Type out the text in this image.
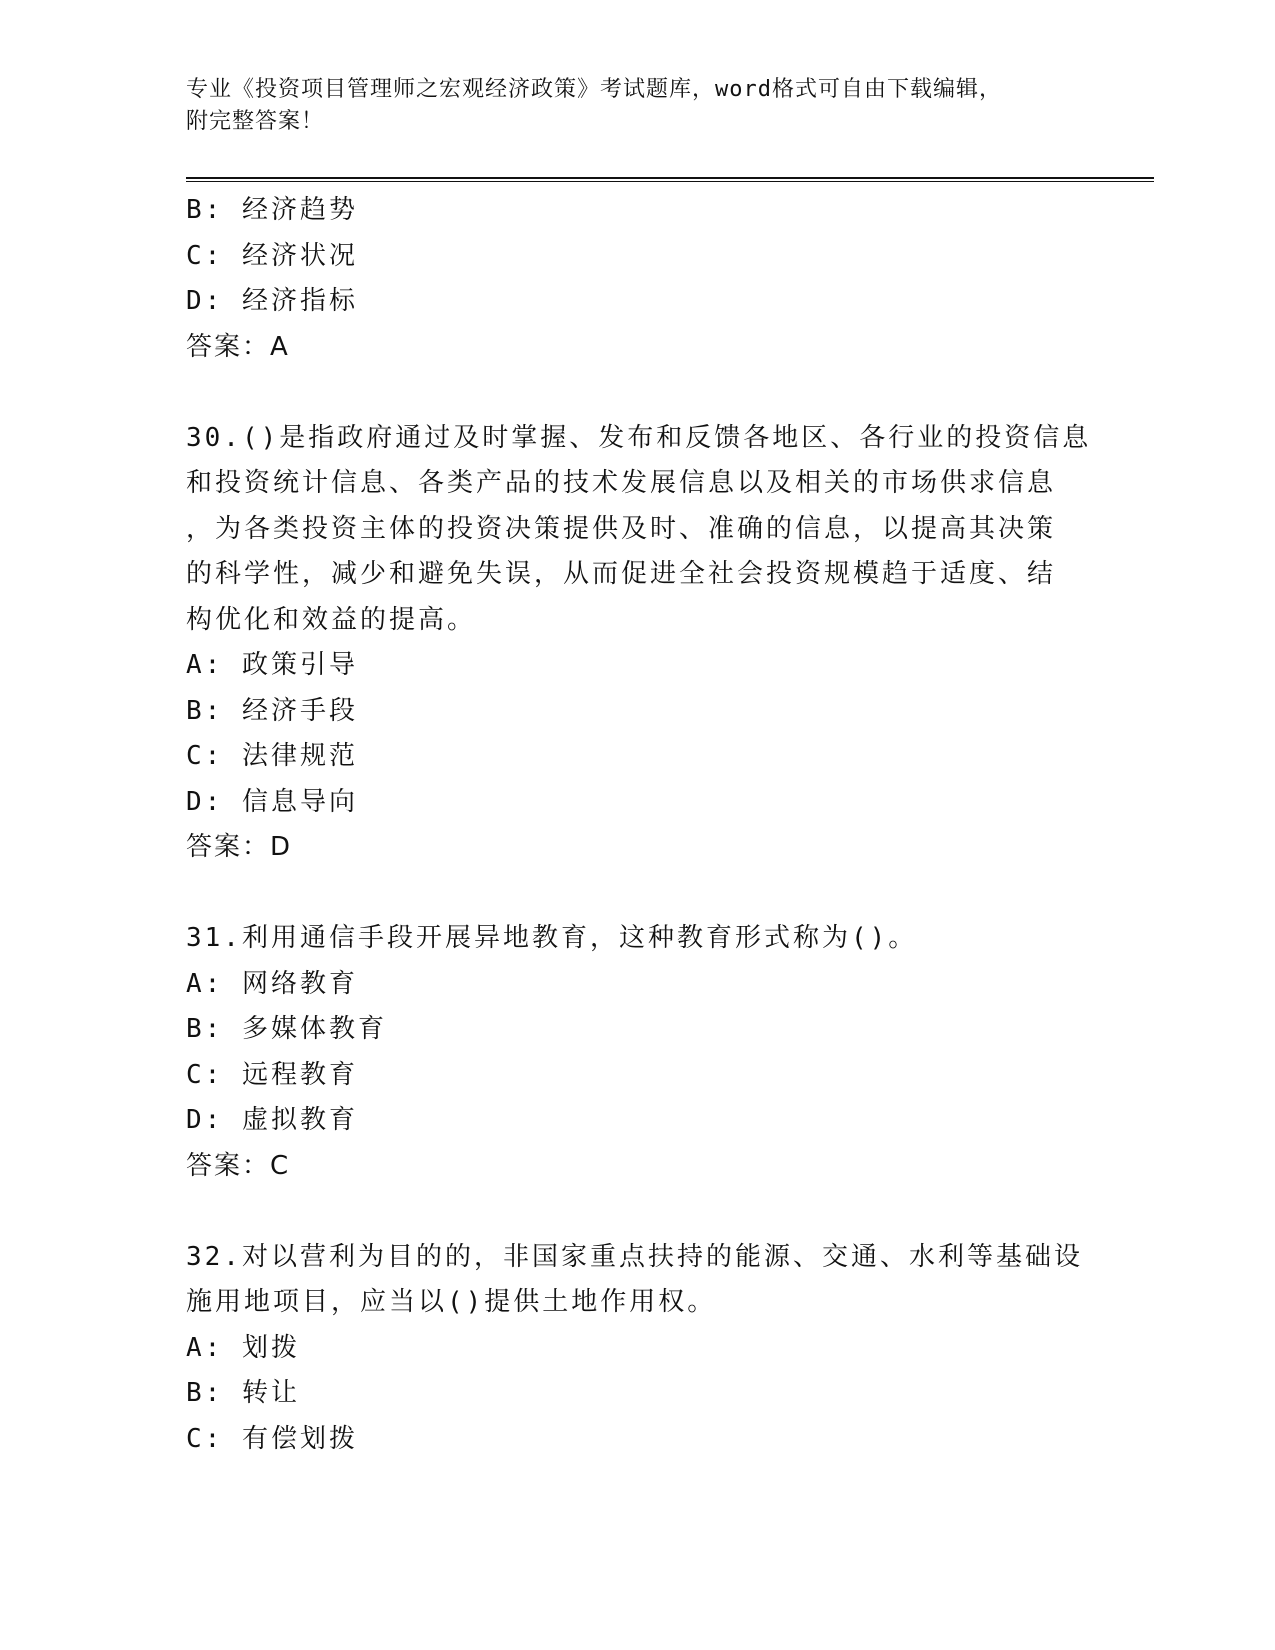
专业《投资项目管理师之宏观经济政策》考试题库，word格式可自由下载编辑，
附完整答案！
B: 经济趋势
C: 经济状况
D: 经济指标
答案：A
30.()是指政府通过及时掌握、发布和反馈各地区、各行业的投资信息
和投资统计信息、各类产品的技术发展信息以及相关的市场供求信息
，为各类投资主体的投资决策提供及时、准确的信息，以提高其决策
的科学性，减少和避免失误，从而促进全社会投资规模趋于适度、结
构优化和效益的提高。
A: 政策引导
B: 经济手段
C: 法律规范
D: 信息导向
答案：D
31.利用通信手段开展异地教育，这种教育形式称为()。
A: 网络教育
B: 多媒体教育
C: 远程教育
D: 虚拟教育
答案：C
32.对以营利为目的的，非国家重点扶持的能源、交通、水利等基础设
施用地项目，应当以()提供土地作用权。
A: 划拨
B: 转让
C: 有偿划拨
